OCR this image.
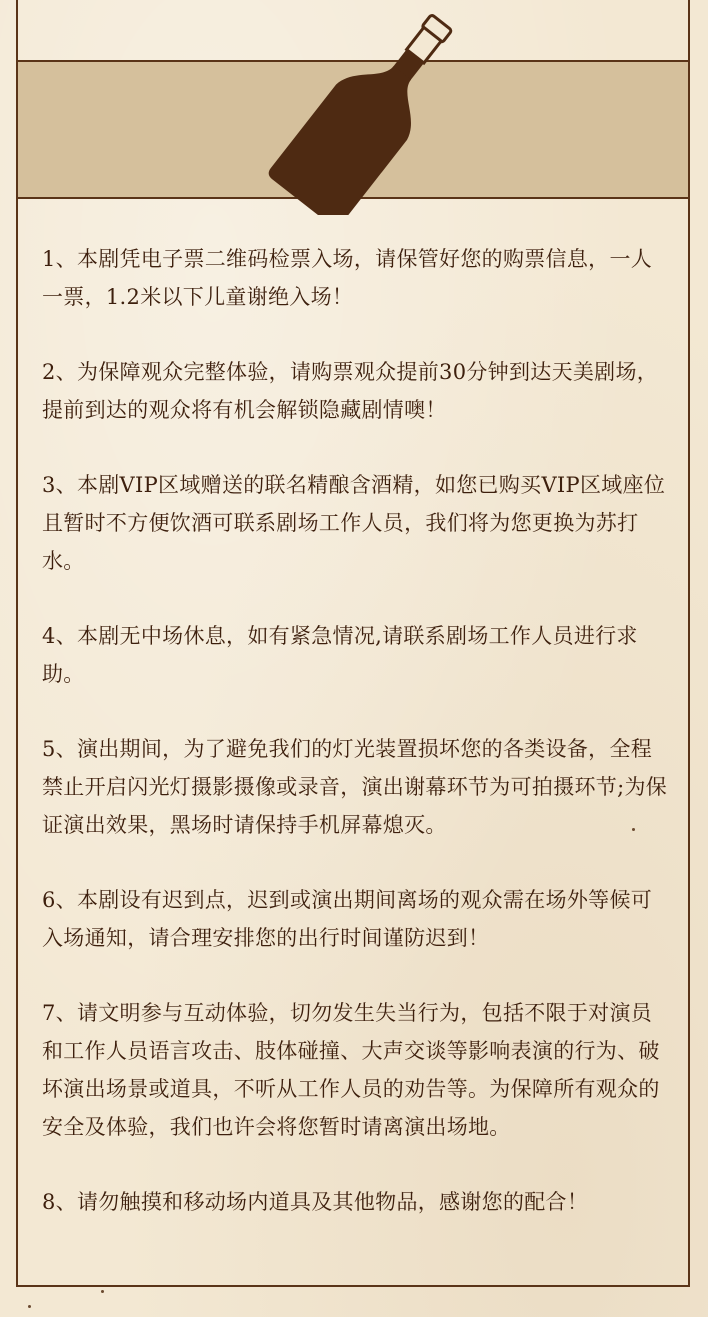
1、本剧凭电子票二维码检票入场，请保管好您的购票信息，一人一票，1.2米以下儿童谢绝入场！
2、为保障观众完整体验，请购票观众提前30分钟到达天美剧场，提前到达的观众将有机会解锁隐藏剧情噢！
3、本剧VIP区域赠送的联名精酿含酒精，如您已购买VIP区域座位且暂时不方便饮酒可联系剧场工作人员，我们将为您更换为苏打水。
4、本剧无中场休息，如有紧急情况,请联系剧场工作人员进行求助。
5、演出期间，为了避免我们的灯光装置损坏您的各类设备，全程禁止开启闪光灯摄影摄像或录音，演出谢幕环节为可拍摄环节;为保证演出效果，黑场时请保持手机屏幕熄灭。
6、本剧设有迟到点，迟到或演出期间离场的观众需在场外等候可入场通知，请合理安排您的出行时间谨防迟到！
7、请文明参与互动体验，切勿发生失当行为，包括不限于对演员和工作人员语言攻击、肢体碰撞、大声交谈等影响表演的行为、破坏演出场景或道具，不听从工作人员的劝告等。为保障所有观众的安全及体验，我们也许会将您暂时请离演出场地。
8、请勿触摸和移动场内道具及其他物品，感谢您的配合！
